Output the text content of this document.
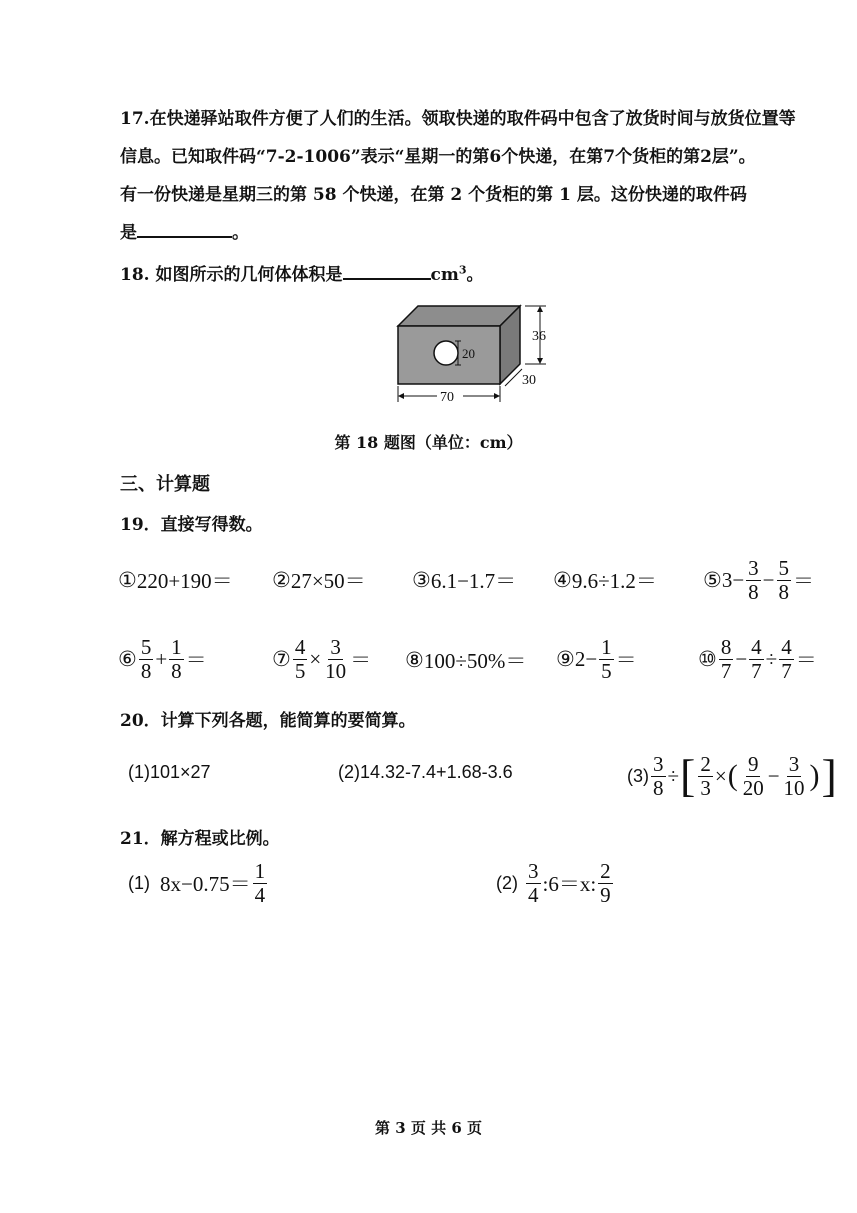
17.在快递驿站取件方便了人们的生活。领取快递的取件码中包含了放货时间与放货位置等
信息。已知取件码“7-2-1006”表示“星期一的第6个快递，在第7个货柜的第2层”。
有一份快递是星期三的第 58 个快递，在第 2 个货柜的第 1 层。这份快递的取件码
是	。
18. 如图所示的几何体体积是	$cm^3$。
20
36
30
70
第 18 题图（单位：cm）
三、计算题
19．直接写得数。
① 220+190＝ ② 27×50＝ ③ 6.1−1.7＝ ④ 9.6÷1.2＝ ⑤ $3- \frac{3}{8} - \frac{5}{8}$ ＝
⑥ $\frac{5}{8} + \frac{1}{8}$ ＝	⑦ $\frac{4}{5} \times \frac{3}{10}$ ＝ ⑧ 100÷50%＝ ⑨ $2- \frac{1}{5}$ ＝	⑩ $\frac{8}{7} - \frac{4}{7} \div \frac{4}{7}$ ＝
20．计算下列各题，能简算的要简算。
(1)101×27	(2)14.32-7.4+1.68-3.6	$(3) \frac{3}{8}$ ÷ [ $\frac{2}{3}$ × ( $\frac{9}{20} - \frac{3}{10}$ ) ]
21．解方程或比例。
(1) $8x-0.75= \frac{1}{4}$	$(2) \frac{3}{4}$ :6＝x: $\frac{2}{9}$
第 3 页 共 6 页
